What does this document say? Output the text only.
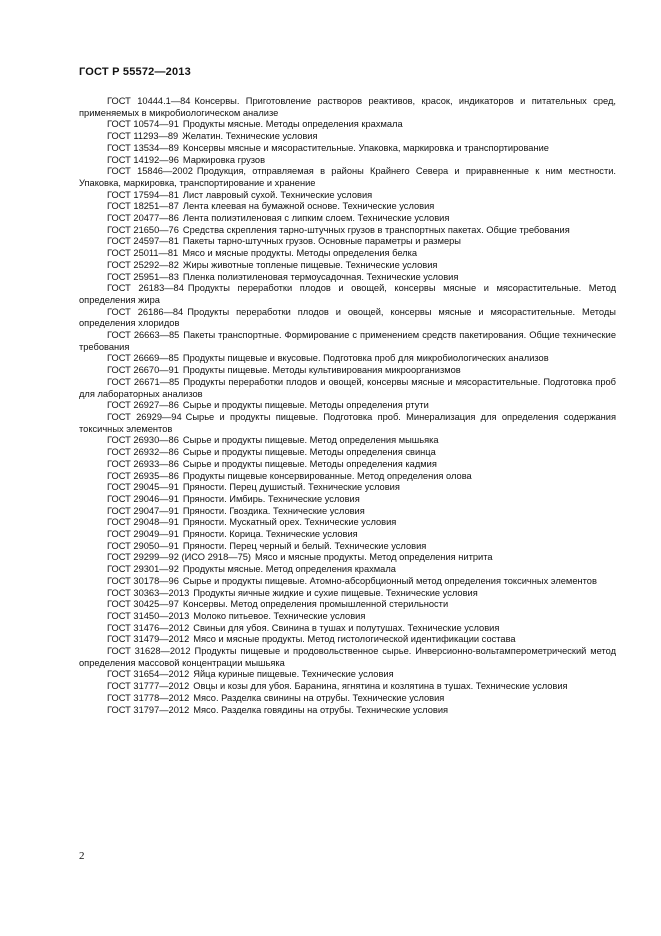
ГОСТ Р 55572—2013

ГОСТ 10444.1—84 Консервы. Приготовление растворов реактивов, красок, индикаторов и питательных сред, применяемых в микробиологическом анализе

ГОСТ 10574—91 Продукты мясные. Методы определения крахмала

ГОСТ 11293—89 Желатин. Технические условия

ГОСТ 13534—89 Консервы мясные и мясорастительные. Упаковка, маркировка и транспортирование

ГОСТ 14192—96 Маркировка грузов

ГОСТ 15846—2002 Продукция, отправляемая в районы Крайнего Севера и приравненные к ним местности. Упаковка, маркировка, транспортирование и хранение

ГОСТ 17594—81 Лист лавровый сухой. Технические условия

ГОСТ 18251—87 Лента клеевая на бумажной основе. Технические условия

ГОСТ 20477—86 Лента полиэтиленовая с липким слоем. Технические условия

ГОСТ 21650—76 Средства скрепления тарно-штучных грузов в транспортных пакетах. Общие требования

ГОСТ 24597—81 Пакеты тарно-штучных грузов. Основные параметры и размеры

ГОСТ 25011—81 Мясо и мясные продукты. Методы определения белка

ГОСТ 25292—82 Жиры животные топленые пищевые. Технические условия

ГОСТ 25951—83 Пленка полиэтиленовая термоусадочная. Технические условия

ГОСТ 26183—84 Продукты переработки плодов и овощей, консервы мясные и мясорастительные. Метод определения жира

ГОСТ 26186—84 Продукты переработки плодов и овощей, консервы мясные и мясорастительные. Методы определения хлоридов

ГОСТ 26663—85 Пакеты транспортные. Формирование с применением средств пакетирования. Общие технические требования

ГОСТ 26669—85 Продукты пищевые и вкусовые. Подготовка проб для микробиологических анализов

ГОСТ 26670—91 Продукты пищевые. Методы культивирования микроорганизмов

ГОСТ 26671—85 Продукты переработки плодов и овощей, консервы мясные и мясорастительные. Подготовка проб для лабораторных анализов

ГОСТ 26927—86 Сырье и продукты пищевые. Методы определения ртути

ГОСТ 26929—94 Сырье и продукты пищевые. Подготовка проб. Минерализация для определения содержания токсичных элементов

ГОСТ 26930—86 Сырье и продукты пищевые. Метод определения мышьяка

ГОСТ 26932—86 Сырье и продукты пищевые. Методы определения свинца

ГОСТ 26933—86 Сырье и продукты пищевые. Методы определения кадмия

ГОСТ 26935—86 Продукты пищевые консервированные. Метод определения олова

ГОСТ 29045—91 Пряности. Перец душистый. Технические условия

ГОСТ 29046—91 Пряности. Имбирь. Технические условия

ГОСТ 29047—91 Пряности. Гвоздика. Технические условия

ГОСТ 29048—91 Пряности. Мускатный орех. Технические условия

ГОСТ 29049—91 Пряности. Корица. Технические условия

ГОСТ 29050—91 Пряности. Перец черный и белый. Технические условия

ГОСТ 29299—92 (ИСО 2918—75) Мясо и мясные продукты. Метод определения нитрита

ГОСТ 29301—92 Продукты мясные. Метод определения крахмала

ГОСТ 30178—96 Сырье и продукты пищевые. Атомно-абсорбционный метод определения токсичных элементов

ГОСТ 30363—2013 Продукты яичные жидкие и сухие пищевые. Технические условия

ГОСТ 30425—97 Консервы. Метод определения промышленной стерильности

ГОСТ 31450—2013 Молоко питьевое. Технические условия

ГОСТ 31476—2012 Свиньи для убоя. Свинина в тушах и полутушах. Технические условия

ГОСТ 31479—2012 Мясо и мясные продукты. Метод гистологической идентификации состава

ГОСТ 31628—2012 Продукты пищевые и продовольственное сырье. Инверсионно-вольтамперометрический метод определения массовой концентрации мышьяка

ГОСТ 31654—2012 Яйца куриные пищевые. Технические условия

ГОСТ 31777—2012 Овцы и козы для убоя. Баранина, ягнятина и козлятина в тушах. Технические условия

ГОСТ 31778—2012 Мясо. Разделка свинины на отрубы. Технические условия

ГОСТ 31797—2012 Мясо. Разделка говядины на отрубы. Технические условия

2
